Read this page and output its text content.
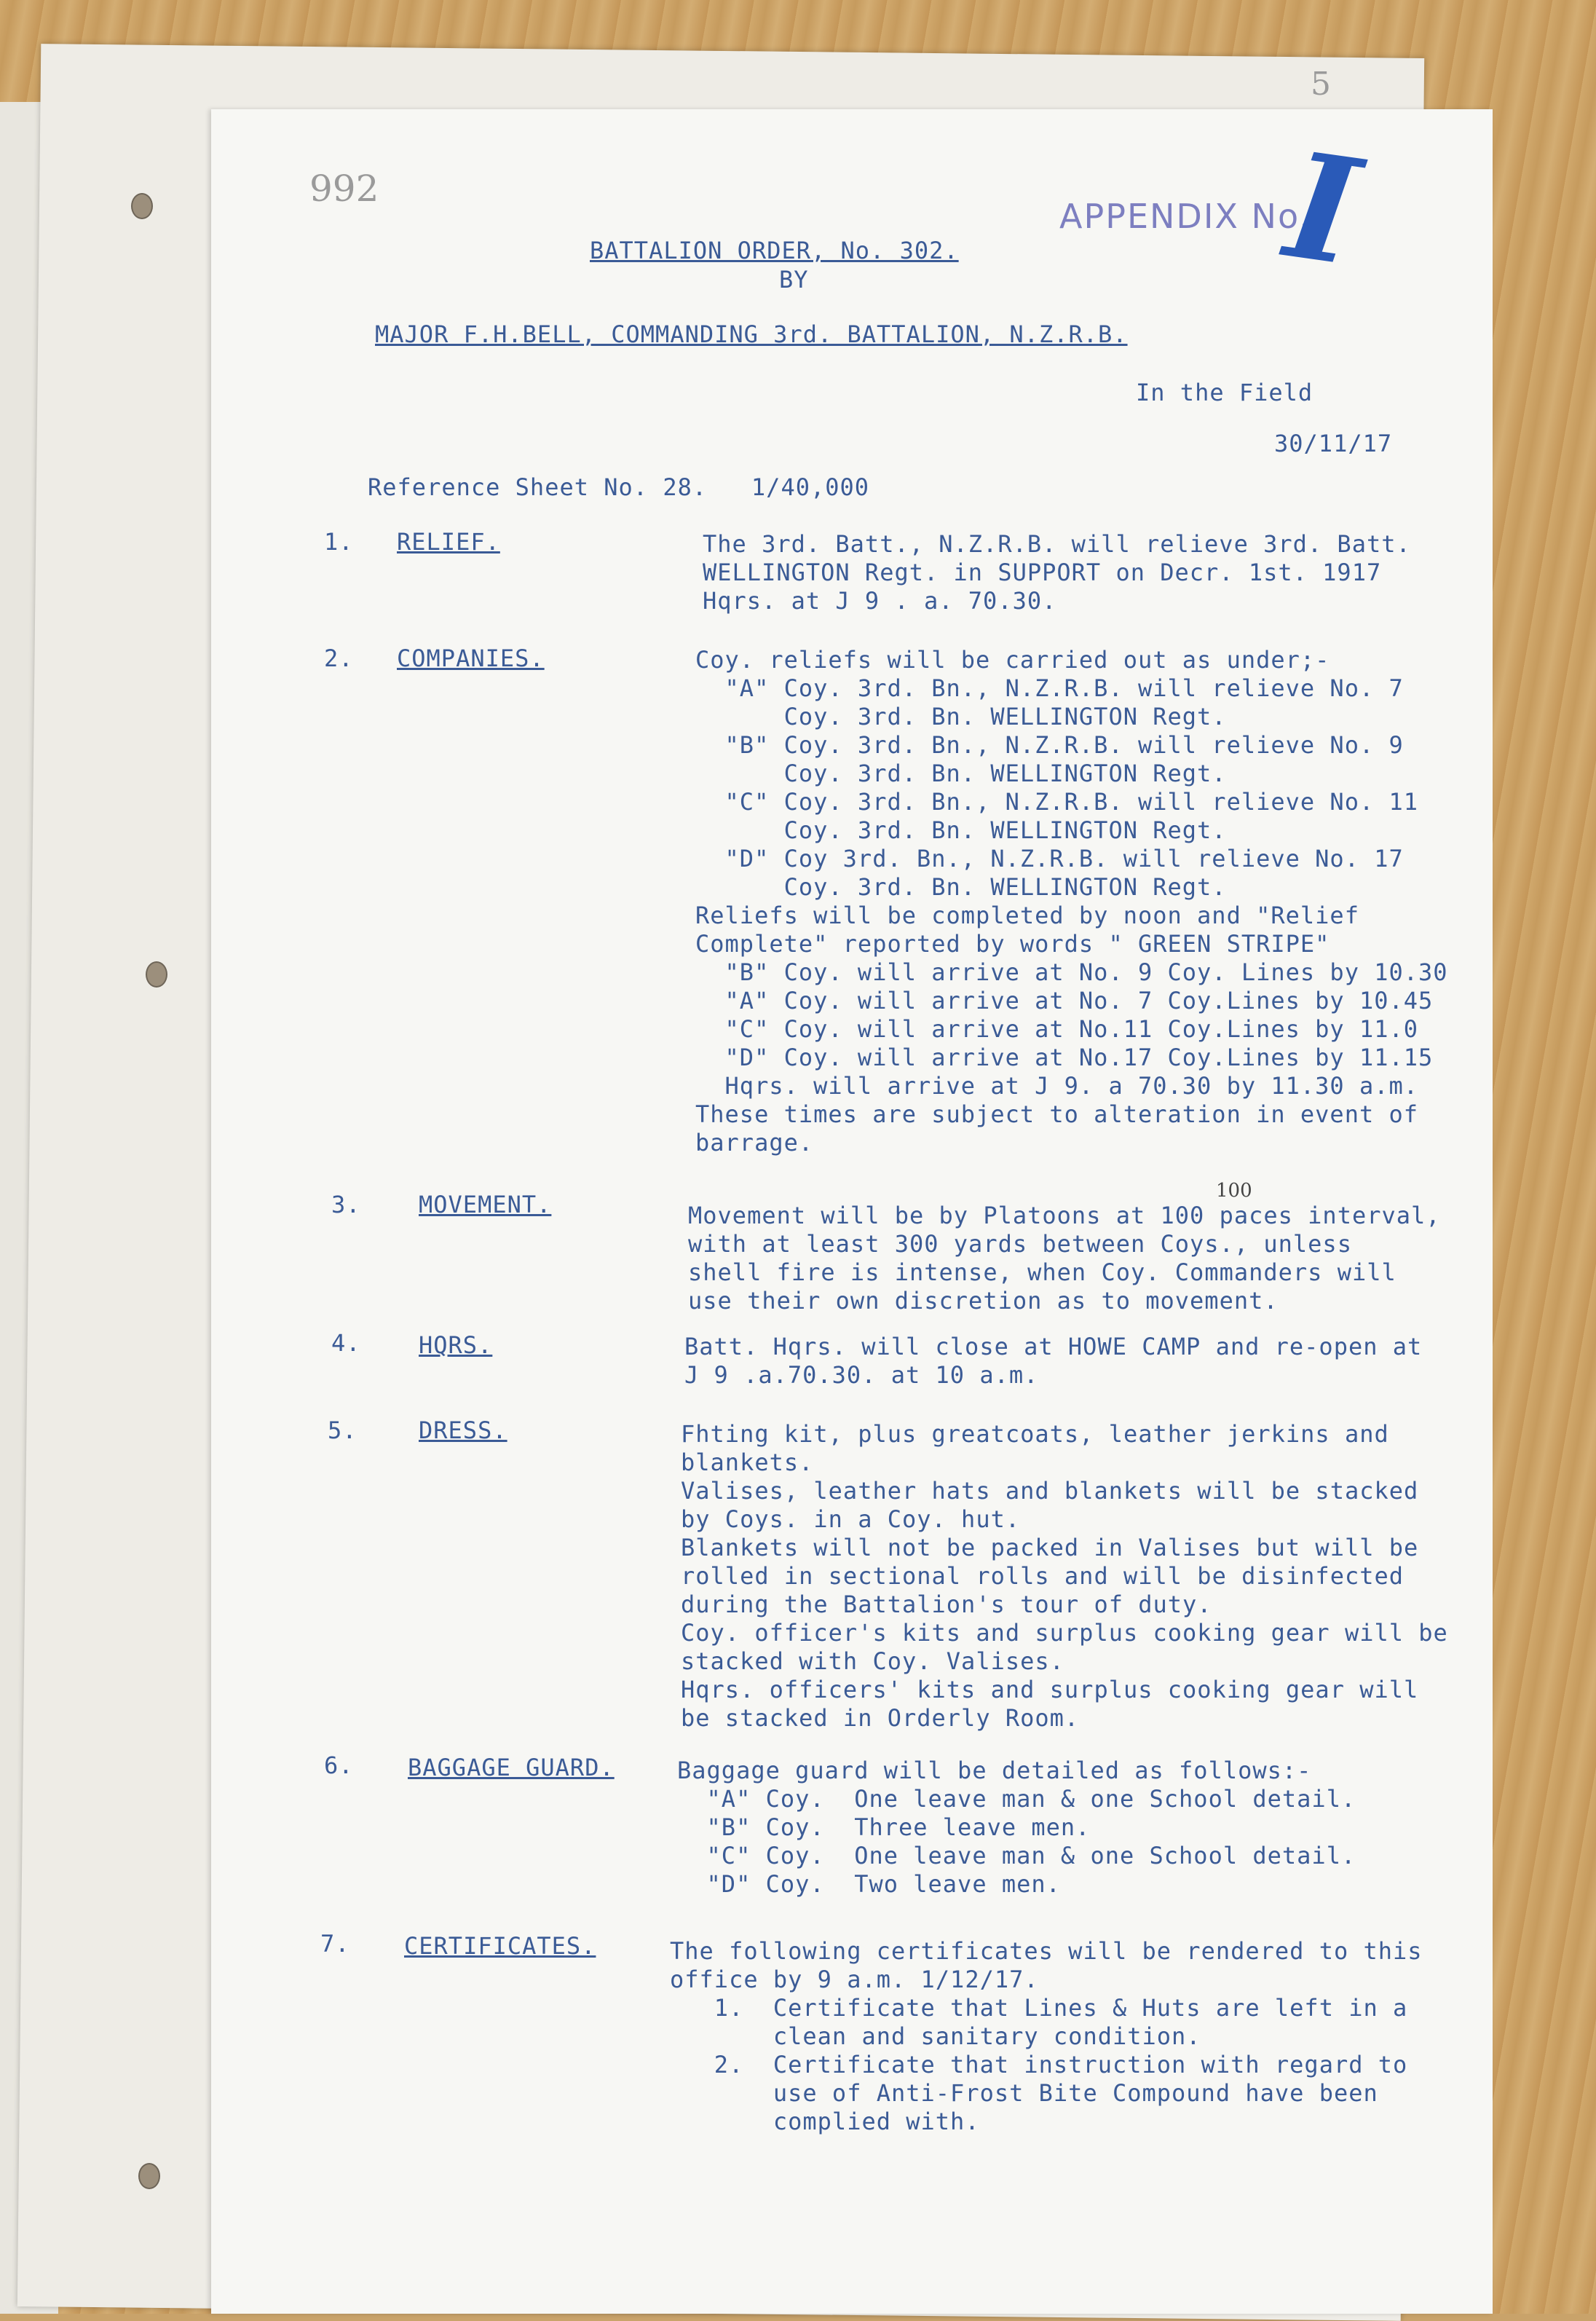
5
992
APPENDIX No.
I
BATTALION ORDER, No. 302.
BY
MAJOR F.H.BELL, COMMANDING 3rd. BATTALION, N.Z.R.B.
In the Field
30/11/17
Reference Sheet No. 28.   1/40,000
1. RELIEF.	The 3rd. Batt., N.Z.R.B. will relieve 3rd. Batt.
WELLINGTON Regt. in SUPPORT on Decr. 1st. 1917
Hqrs. at J 9 . a. 70.30.
2. COMPANIES.	Coy. reliefs will be carried out as under;-
"A" Coy. 3rd. Bn., N.Z.R.B. will relieve No. 7
Coy. 3rd. Bn. WELLINGTON Regt.
"B" Coy. 3rd. Bn., N.Z.R.B. will relieve No. 9
Coy. 3rd. Bn. WELLINGTON Regt.
"C" Coy. 3rd. Bn., N.Z.R.B. will relieve No. 11
Coy. 3rd. Bn. WELLINGTON Regt.
"D" Coy 3rd. Bn., N.Z.R.B. will relieve No. 17
Coy. 3rd. Bn. WELLINGTON Regt.
Reliefs will be completed by noon and "Relief
Complete" reported by words " GREEN STRIPE"
"B" Coy. will arrive at No. 9 Coy. Lines by 10.30
"A" Coy. will arrive at No. 7 Coy.Lines by 10.45
"C" Coy. will arrive at No.11 Coy.Lines by 11.0
"D" Coy. will arrive at No.17 Coy.Lines by 11.15
Hqrs. will arrive at J 9. a 70.30 by 11.30 a.m.
These times are subject to alteration in event of
barrage.
100
3. MOVEMENT.	Movement will be by Platoons at 100 paces interval,
with at least 300 yards between Coys., unless
shell fire is intense, when Coy. Commanders will
use their own discretion as to movement.
4. HQRS.	Batt. Hqrs. will close at HOWE CAMP and re-open at
J 9 .a.70.30. at 10 a.m.
5.	DRESS.	Fhting kit, plus greatcoats, leather jerkins and
blankets.
Valises, leather hats and blankets will be stacked
by Coys. in a Coy. hut.
Blankets will not be packed in Valises but will be
rolled in sectional rolls and will be disinfected
during the Battalion's tour of duty.
Coy. officer's kits and surplus cooking gear will be
stacked with Coy. Valises.
Hqrs. officers' kits and surplus cooking gear will
be stacked in Orderly Room.
6. BAGGAGE GUARD.	Baggage guard will be detailed as follows:-
"A" Coy.  One leave man & one School detail.
"B" Coy.  Three leave men.
"C" Coy.  One leave man & one School detail.
"D" Coy.  Two leave men.
7. CERTIFICATES.	The following certificates will be rendered to this
office by 9 a.m. 1/12/17.
1.  Certificate that Lines & Huts are left in a
clean and sanitary condition.
2.  Certificate that instruction with regard to
use of Anti-Frost Bite Compound have been
complied with.
